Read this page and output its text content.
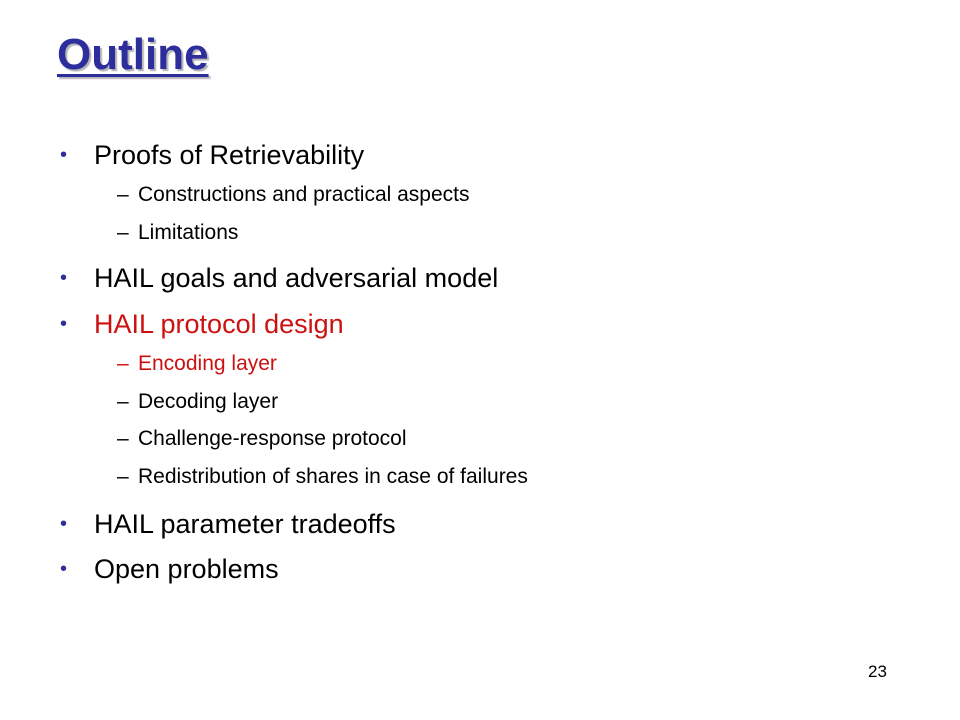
Outline
• Proofs of Retrievability
– Constructions and practical aspects
– Limitations
• HAIL goals and adversarial model
• HAIL protocol design
– Encoding layer
– Decoding layer
– Challenge-response protocol
– Redistribution of shares in case of failures
• HAIL parameter tradeoffs
• Open problems
23
